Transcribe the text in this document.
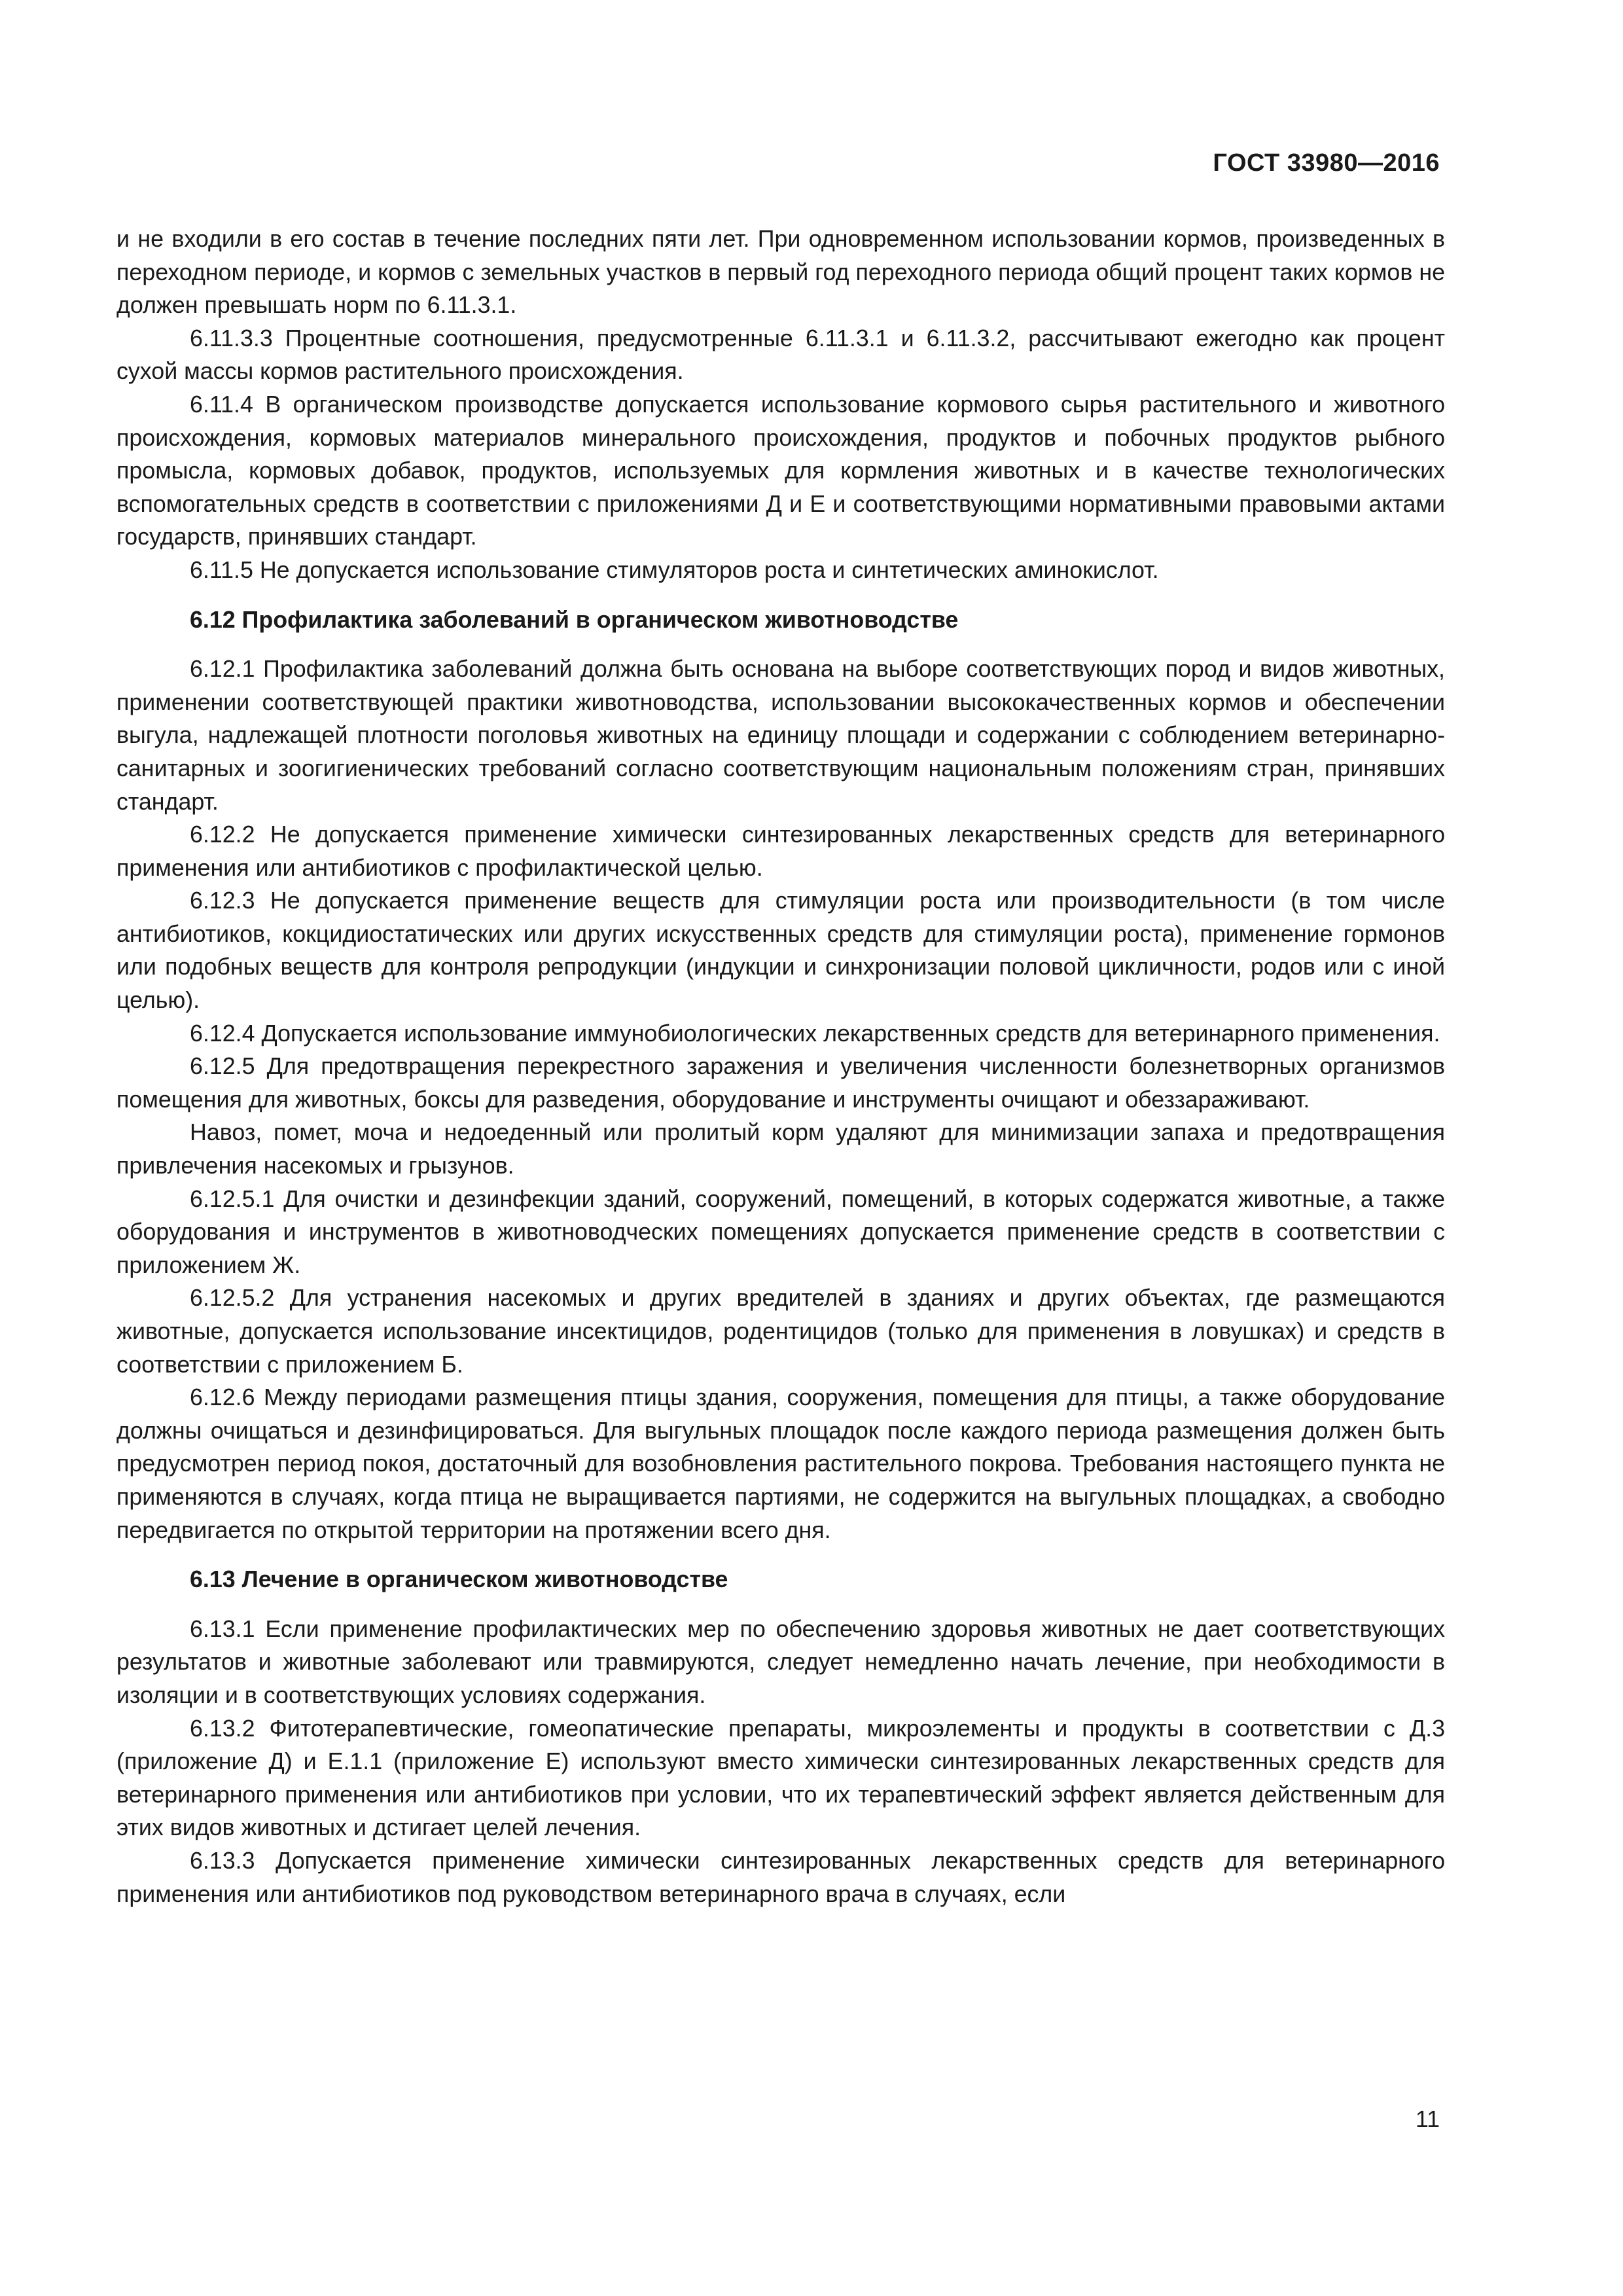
ГОСТ 33980—2016

и не входили в его состав в течение последних пяти лет. При одновременном использовании кормов, произведенных в переходном периоде, и кормов с земельных участков в первый год переходного периода общий процент таких кормов не должен превышать норм по 6.11.3.1.

6.11.3.3 Процентные соотношения, предусмотренные 6.11.3.1 и 6.11.3.2, рассчитывают ежегодно как процент сухой массы кормов растительного происхождения.

6.11.4 В органическом производстве допускается использование кормового сырья растительного и животного происхождения, кормовых материалов минерального происхождения, продуктов и побочных продуктов рыбного промысла, кормовых добавок, продуктов, используемых для кормления животных и в качестве технологических вспомогательных средств в соответствии с приложениями Д и Е и соответствующими нормативными правовыми актами государств, принявших стандарт.

6.11.5 Не допускается использование стимуляторов роста и синтетических аминокислот.

6.12 Профилактика заболеваний в органическом животноводстве

6.12.1 Профилактика заболеваний должна быть основана на выборе соответствующих пород и видов животных, применении соответствующей практики животноводства, использовании высококачественных кормов и обеспечении выгула, надлежащей плотности поголовья животных на единицу площади и содержании с соблюдением ветеринарно-санитарных и зоогигиенических требований согласно соответствующим национальным положениям стран, принявших стандарт.

6.12.2 Не допускается применение химически синтезированных лекарственных средств для ветеринарного применения или антибиотиков с профилактической целью.

6.12.3 Не допускается применение веществ для стимуляции роста или производительности (в том числе антибиотиков, кокцидиостатических или других искусственных средств для стимуляции роста), применение гормонов или подобных веществ для контроля репродукции (индукции и синхронизации половой цикличности, родов или с иной целью).

6.12.4 Допускается использование иммунобиологических лекарственных средств для ветеринарного применения.

6.12.5 Для предотвращения перекрестного заражения и увеличения численности болезнетворных организмов помещения для животных, боксы для разведения, оборудование и инструменты очищают и обеззараживают.

Навоз, помет, моча и недоеденный или пролитый корм удаляют для минимизации запаха и предотвращения привлечения насекомых и грызунов.

6.12.5.1 Для очистки и дезинфекции зданий, сооружений, помещений, в которых содержатся животные, а также оборудования и инструментов в животноводческих помещениях допускается применение средств в соответствии с приложением Ж.

6.12.5.2 Для устранения насекомых и других вредителей в зданиях и других объектах, где размещаются животные, допускается использование инсектицидов, родентицидов (только для применения в ловушках) и средств в соответствии с приложением Б.

6.12.6 Между периодами размещения птицы здания, сооружения, помещения для птицы, а также оборудование должны очищаться и дезинфицироваться. Для выгульных площадок после каждого периода размещения должен быть предусмотрен период покоя, достаточный для возобновления растительного покрова. Требования настоящего пункта не применяются в случаях, когда птица не выращивается партиями, не содержится на выгульных площадках, а свободно передвигается по открытой территории на протяжении всего дня.

6.13 Лечение в органическом животноводстве

6.13.1 Если применение профилактических мер по обеспечению здоровья животных не дает соответствующих результатов и животные заболевают или травмируются, следует немедленно начать лечение, при необходимости в изоляции и в соответствующих условиях содержания.

6.13.2 Фитотерапевтические, гомеопатические препараты, микроэлементы и продукты в соответствии с Д.3 (приложение Д) и Е.1.1 (приложение Е) используют вместо химически синтезированных лекарственных средств для ветеринарного применения или антибиотиков при условии, что их терапевтический эффект является действенным для этих видов животных и дстигает целей лечения.

6.13.3 Допускается применение химически синтезированных лекарственных средств для ветеринарного применения или антибиотиков под руководством ветеринарного врача в случаях, если

11
